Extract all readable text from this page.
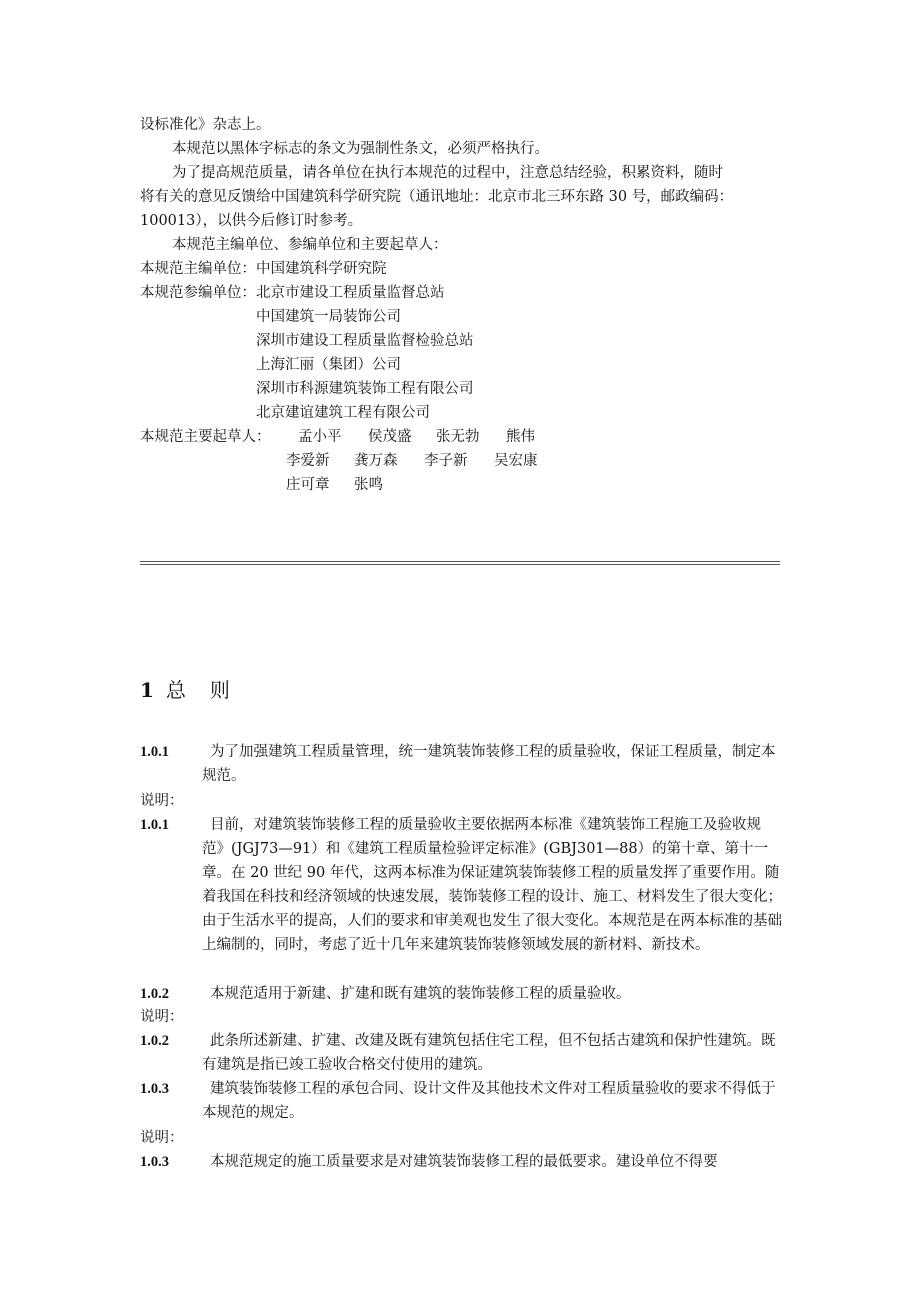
设标准化》杂志上。
本规范以黑体字标志的条文为强制性条文，必须严格执行。
为了提高规范质量，请各单位在执行本规范的过程中，注意总结经验，积累资料，随时
将有关的意见反馈给中国建筑科学研究院（通讯地址：北京市北三环东路 30 号，邮政编码：
100013），以供今后修订时参考。
本规范主编单位、参编单位和主要起草人：
本规范主编单位： 中国建筑科学研究院
本规范参编单位： 北京市建设工程质量监督总站
中国建筑一局装饰公司
深圳市建设工程质量监督检验总站
上海汇丽（集团）公司
深圳市科源建筑装饰工程有限公司
北京建谊建筑工程有限公司
本规范主要起草人： 孟小平 侯茂盛 张无勃 熊伟
李爱新 龚万森 李子新 吴宏康
庄可章 张鸣
1 总 则
1.0.1	为了加强建筑工程质量管理，统一建筑装饰装修工程的质量验收，保证工程质量，制定本规范。
说明：
1.0.1	目前，对建筑装饰装修工程的质量验收主要依据两本标准《建筑装饰工程施工及验收规范》(JGJ73—91）和《建筑工程质量检验评定标准》(GBJ301—88）的第十章、第十一章。在 20 世纪 90 年代，这两本标准为保证建筑装饰装修工程的质量发挥了重要作用。随着我国在科技和经济领域的快速发展，装饰装修工程的设计、施工、材料发生了很大变化；由于生活水平的提高，人们的要求和审美观也发生了很大变化。本规范是在两本标准的基础上编制的，同时，考虑了近十几年来建筑装饰装修领域发展的新材料、新技术。
1.0.2	本规范适用于新建、扩建和既有建筑的装饰装修工程的质量验收。
说明：
1.0.2	此条所述新建、扩建、改建及既有建筑包括住宅工程，但不包括古建筑和保护性建筑。既有建筑是指已竣工验收合格交付使用的建筑。
1.0.3	建筑装饰装修工程的承包合同、设计文件及其他技术文件对工程质量验收的要求不得低于本规范的规定。
说明：
1.0.3	本规范规定的施工质量要求是对建筑装饰装修工程的最低要求。建设单位不得要
